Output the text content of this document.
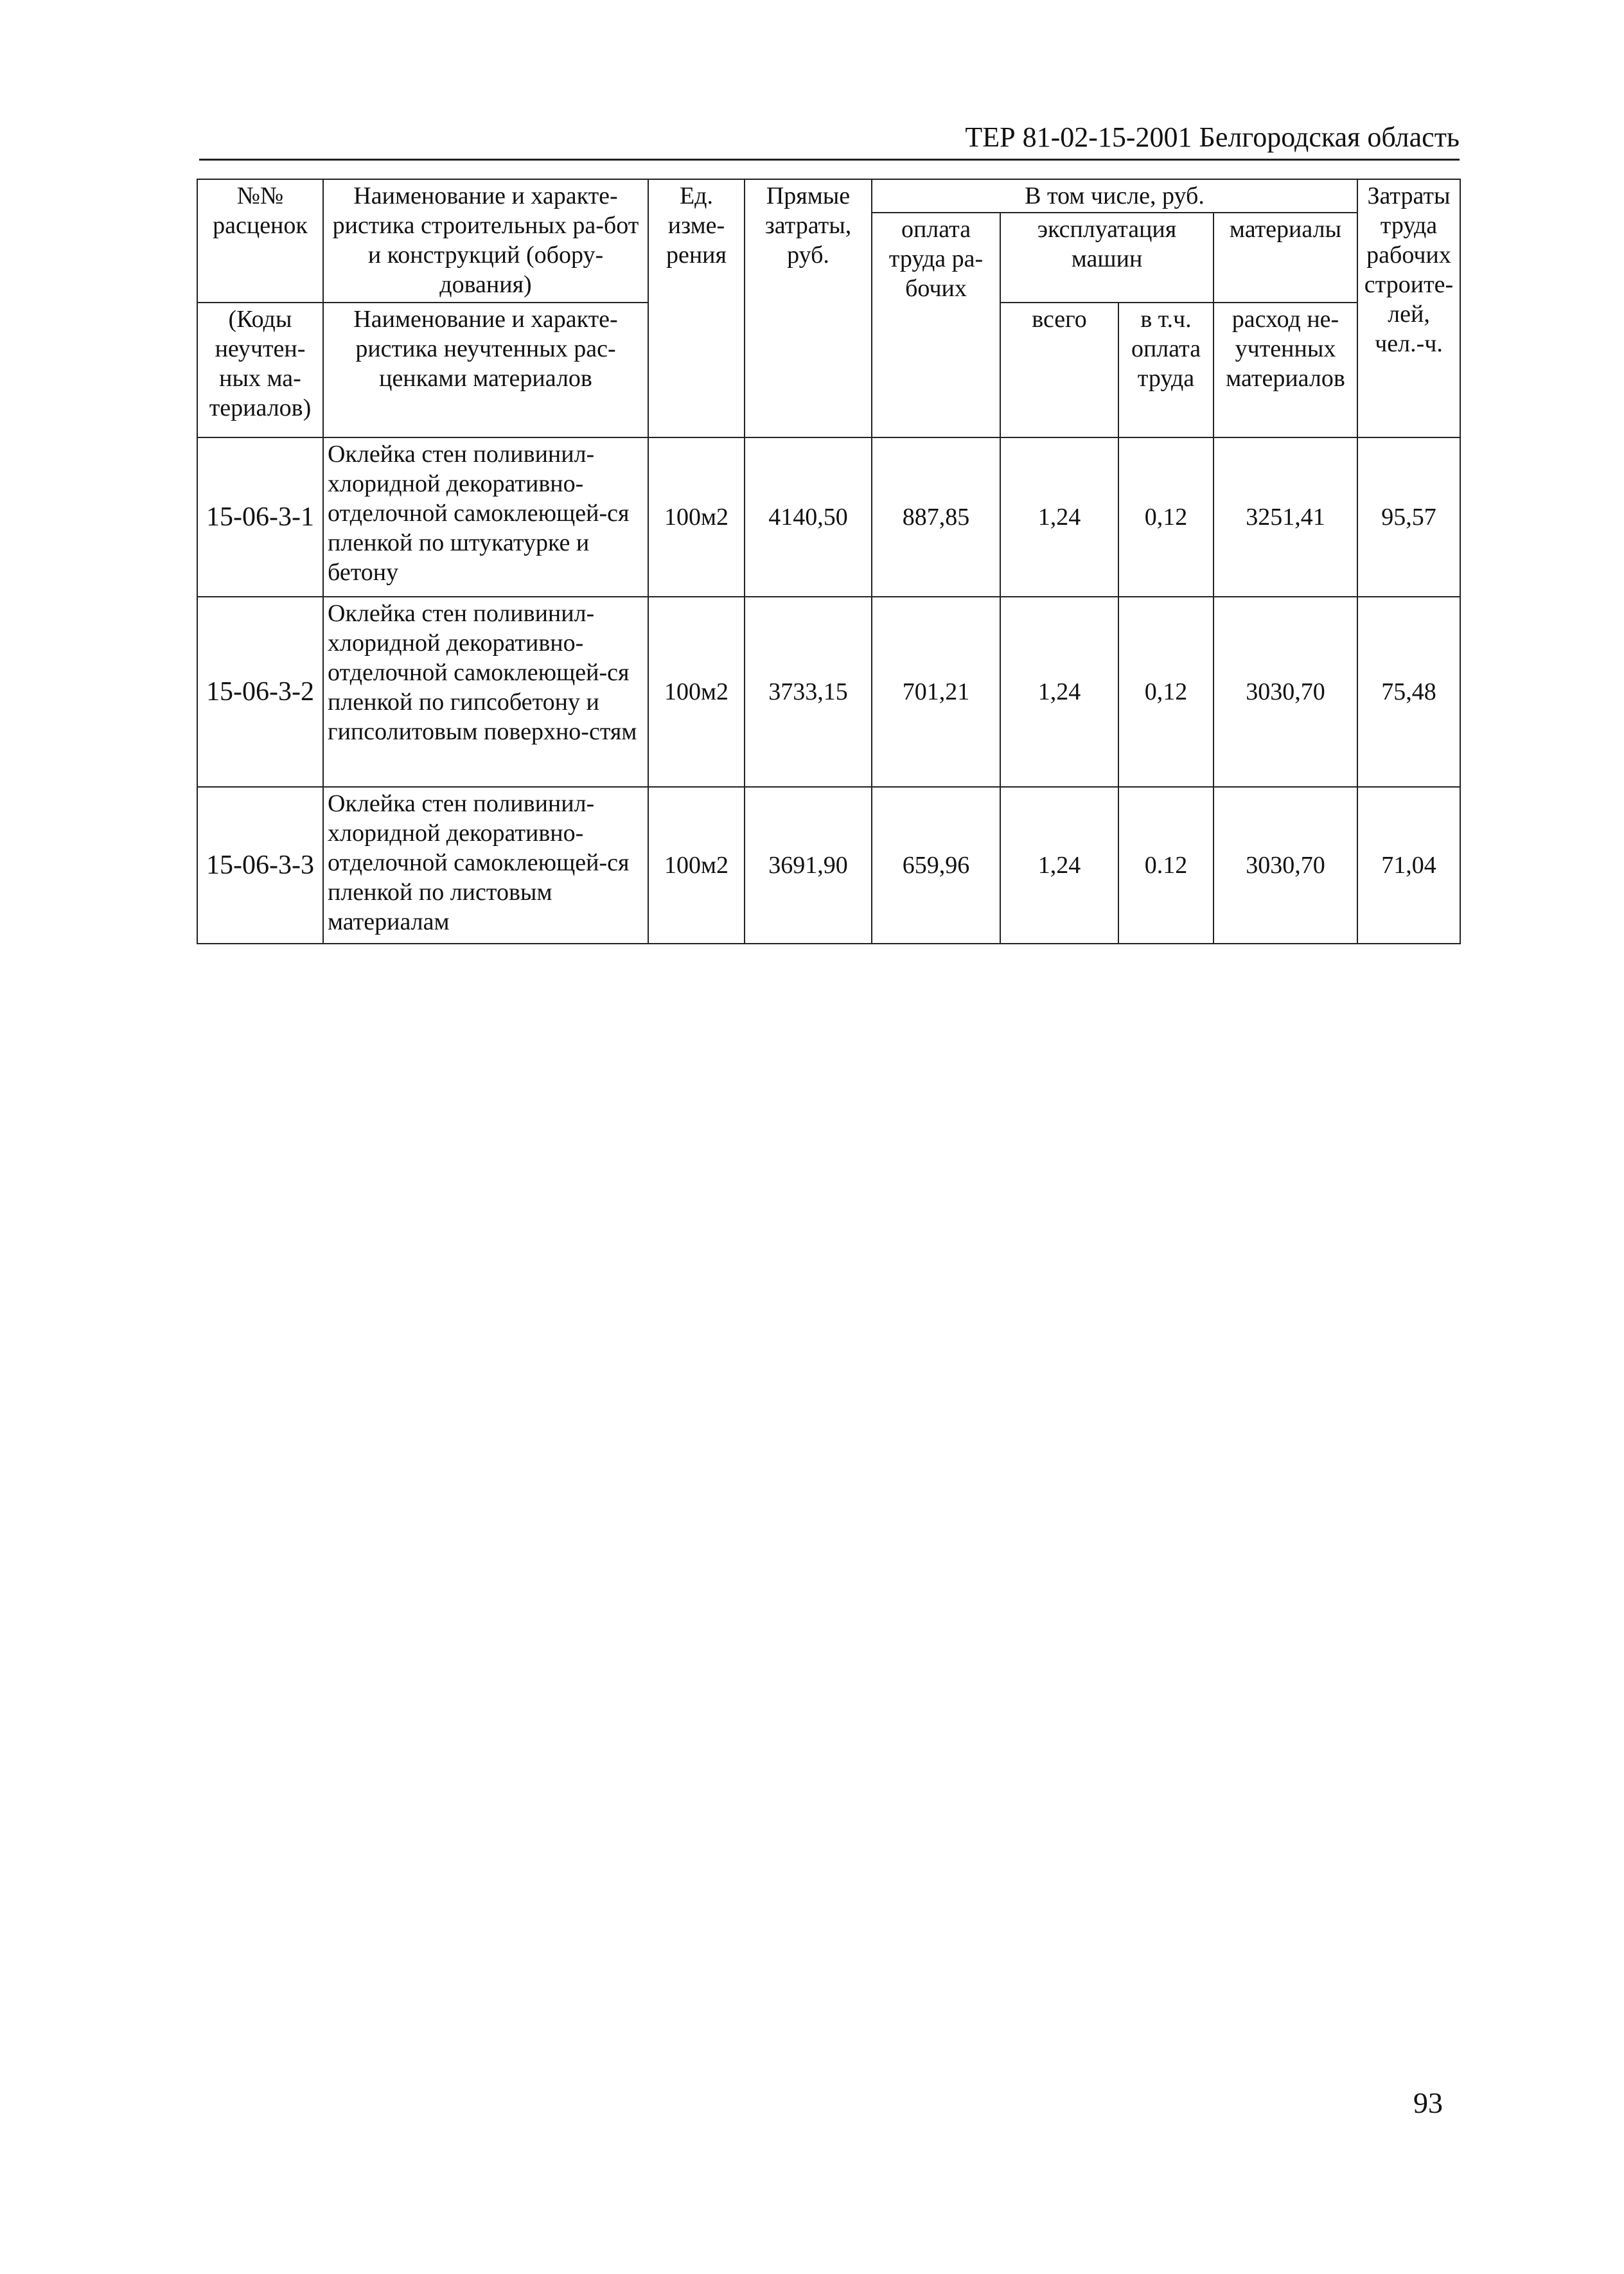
ТЕР 81-02-15-2001 Белгородская область
№№ расценок	Наименование и характе-ристика строительных ра-бот и конструкций (обору-дования)	Ед. изме-рения	Прямые затраты, руб.	В том числе, руб.				Затраты труда рабочих строите-лей, чел.-ч.
				оплата труда ра-бочих	эксплуатация машин		материалы	
(Коды неучтен-ных ма-териалов)	Наименование и характе-ристика неучтенных рас-ценками материалов				всего	в т.ч. оплата труда	расход не-учтенных материалов	
15-06-3-1	Оклейка стен поливинил-хлоридной декоративно-отделочной самоклеющей-ся пленкой по штукатурке и бетону	100м2	4140,50	887,85	1,24	0,12	3251,41	95,57
15-06-3-2	Оклейка стен поливинил-хлоридной декоративно-отделочной самоклеющей-ся пленкой по гипсобетону и гипсолитовым поверхно-стям	100м2	3733,15	701,21	1,24	0,12	3030,70	75,48
15-06-3-3	Оклейка стен поливинил-хлоридной декоративно-отделочной самоклеющей-ся пленкой по листовым материалам	100м2	3691,90	659,96	1,24	0.12	3030,70	71,04
93
